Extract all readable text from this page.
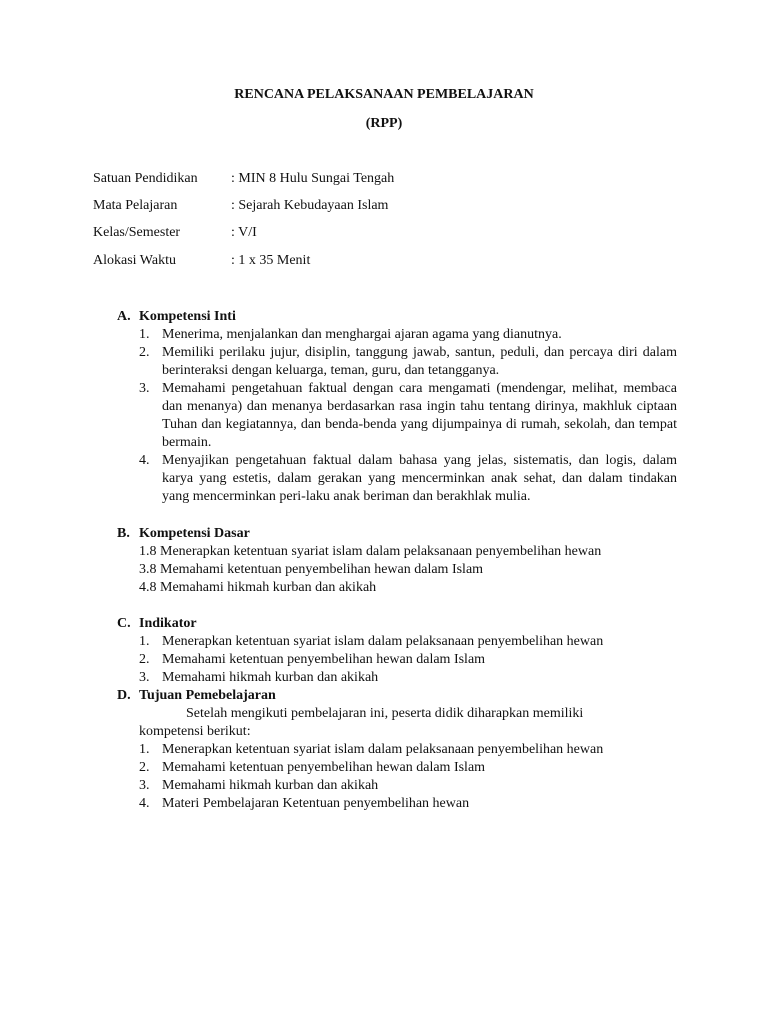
RENCANA PELAKSANAAN PEMBELAJARAN
(RPP)
Satuan Pendidikan : MIN 8 Hulu Sungai Tengah
Mata Pelajaran	: Sejarah Kebudayaan Islam
Kelas/Semester	: V/I
Alokasi Waktu	: 1 x 35 Menit
A. Kompetensi Inti
1. Menerima, menjalankan dan menghargai ajaran agama yang dianutnya.
2. Memiliki perilaku jujur, disiplin, tanggung jawab, santun, peduli, dan percaya diri dalam berinteraksi dengan keluarga, teman, guru, dan tetangganya.
3. Memahami pengetahuan faktual dengan cara mengamati (mendengar, melihat, membaca dan menanya) dan menanya berdasarkan rasa ingin tahu tentang dirinya, makhluk ciptaan Tuhan dan kegiatannya, dan benda-benda yang dijumpainya di rumah, sekolah, dan tempat bermain.
4. Menyajikan pengetahuan faktual dalam bahasa yang jelas, sistematis, dan logis, dalam karya yang estetis, dalam gerakan yang mencerminkan anak sehat, dan dalam tindakan yang mencerminkan peri-laku anak beriman dan berakhlak mulia.
B. Kompetensi Dasar
1.8 Menerapkan ketentuan syariat islam dalam pelaksanaan penyembelihan hewan
3.8 Memahami ketentuan penyembelihan hewan dalam Islam
4.8 Memahami hikmah kurban dan akikah
C. Indikator
1. Menerapkan ketentuan syariat islam dalam pelaksanaan penyembelihan hewan
2. Memahami ketentuan penyembelihan hewan dalam Islam
3. Memahami hikmah kurban dan akikah
D. Tujuan Pemebelajaran
Setelah mengikuti pembelajaran ini, peserta didik diharapkan memiliki kompetensi berikut:
1. Menerapkan ketentuan syariat islam dalam pelaksanaan penyembelihan hewan
2. Memahami ketentuan penyembelihan hewan dalam Islam
3. Memahami hikmah kurban dan akikah
4. Materi Pembelajaran Ketentuan penyembelihan hewan
